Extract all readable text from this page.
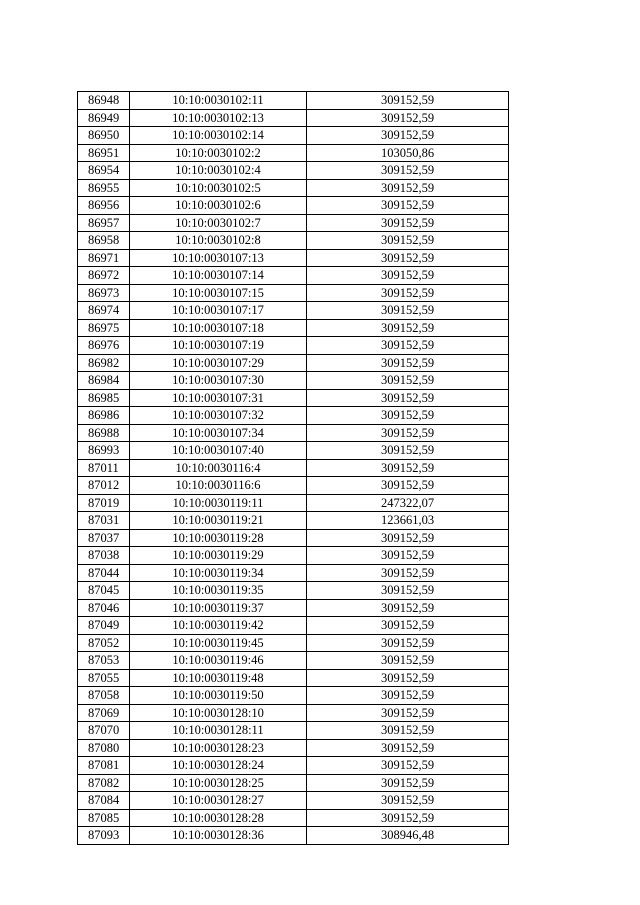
86948	10:10:0030102:11	309152,59
86949	10:10:0030102:13	309152,59
86950	10:10:0030102:14	309152,59
86951	10:10:0030102:2	103050,86
86954	10:10:0030102:4	309152,59
86955	10:10:0030102:5	309152,59
86956	10:10:0030102:6	309152,59
86957	10:10:0030102:7	309152,59
86958	10:10:0030102:8	309152,59
86971	10:10:0030107:13	309152,59
86972	10:10:0030107:14	309152,59
86973	10:10:0030107:15	309152,59
86974	10:10:0030107:17	309152,59
86975	10:10:0030107:18	309152,59
86976	10:10:0030107:19	309152,59
86982	10:10:0030107:29	309152,59
86984	10:10:0030107:30	309152,59
86985	10:10:0030107:31	309152,59
86986	10:10:0030107:32	309152,59
86988	10:10:0030107:34	309152,59
86993	10:10:0030107:40	309152,59
87011	10:10:0030116:4	309152,59
87012	10:10:0030116:6	309152,59
87019	10:10:0030119:11	247322,07
87031	10:10:0030119:21	123661,03
87037	10:10:0030119:28	309152,59
87038	10:10:0030119:29	309152,59
87044	10:10:0030119:34	309152,59
87045	10:10:0030119:35	309152,59
87046	10:10:0030119:37	309152,59
87049	10:10:0030119:42	309152,59
87052	10:10:0030119:45	309152,59
87053	10:10:0030119:46	309152,59
87055	10:10:0030119:48	309152,59
87058	10:10:0030119:50	309152,59
87069	10:10:0030128:10	309152,59
87070	10:10:0030128:11	309152,59
87080	10:10:0030128:23	309152,59
87081	10:10:0030128:24	309152,59
87082	10:10:0030128:25	309152,59
87084	10:10:0030128:27	309152,59
87085	10:10:0030128:28	309152,59
87093	10:10:0030128:36	308946,48
